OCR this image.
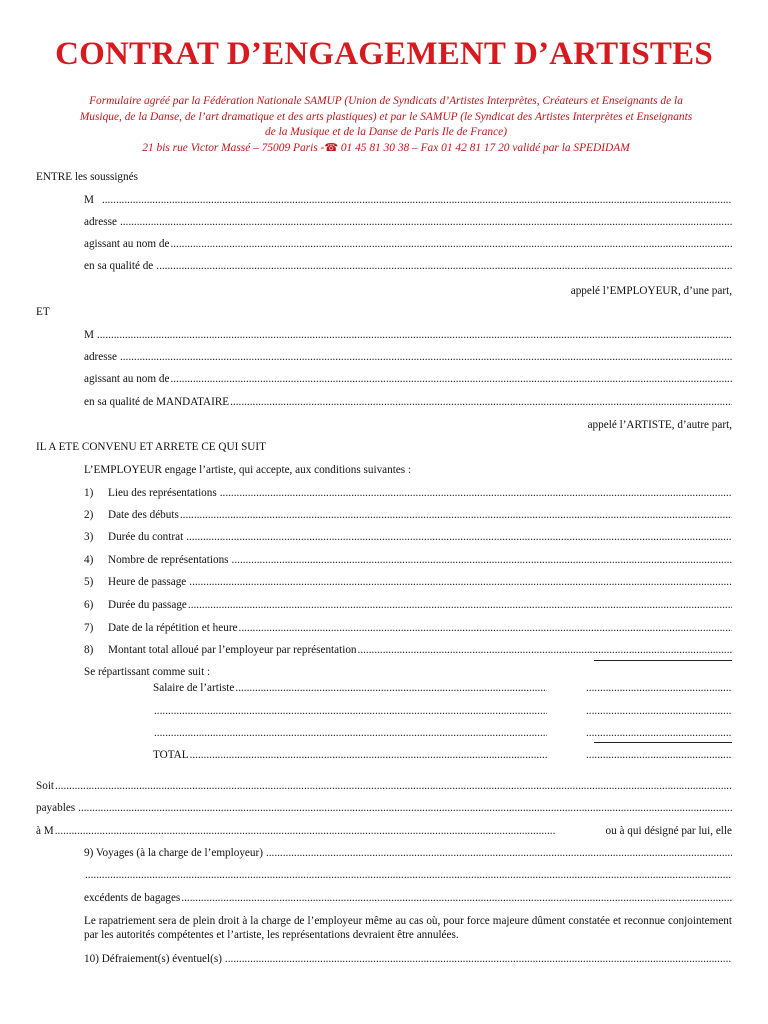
CONTRAT D’ENGAGEMENT D’ARTISTES
Formulaire agréé par la Fédération Nationale SAMUP (Union de Syndicats d’Artistes Interprètes, Créateurs et Enseignants de la
Musique, de la Danse, de l’art dramatique et des arts plastiques) et par le SAMUP (le Syndicat des Artistes Interprètes et Enseignants
de la Musique et de la Danse de Paris Ile de France)
21 bis rue Victor Massé – 75009 Paris -☎ 01 45 81 30 38 – Fax 01 42 81 17 20 validé par la SPEDIDAM
ENTRE les soussignés
M
.....
adresse
.....
agissant au nom de
.....
en sa qualité de
.....
appelé l’EMPLOYEUR, d’une part,
ET
M
.....
adresse
.....
agissant au nom de
.....
en sa qualité de MANDATAIRE
.....
appelé l’ARTISTE, d’autre part,
IL A ETE CONVENU ET ARRETE CE QUI SUIT
L’EMPLOYEUR engage l’artiste, qui accepte, aux conditions suivantes :
1)	Lieu des représentations
.....
2)	Date des débuts
.....
3)	Durée du contrat
.....
4)	Nombre de représentations
.....
5)	Heure de passage
.....
6)	Durée du passage
.....
7)	Date de la répétition et heure
.....
8)	Montant total alloué par l’employeur par représentation
.....
Se répartissant comme suit :
Salaire de l’artiste
.....
.....
.....
.....
.....
.....
TOTAL
.....
.....
Soit
.....
payables
.....
à M
.....	ou à qui désigné par lui, elle
9) Voyages (à la charge de l’employeur)
.....
.....
excédents de bagages
.....
Le rapatriement sera de plein droit à la charge de l’employeur même au cas où, pour force majeure dûment constatée et reconnue conjointement par les autorités compétentes et l’artiste, les représentations devraient être annulées.
10) Défraiement(s) éventuel(s)
.....
